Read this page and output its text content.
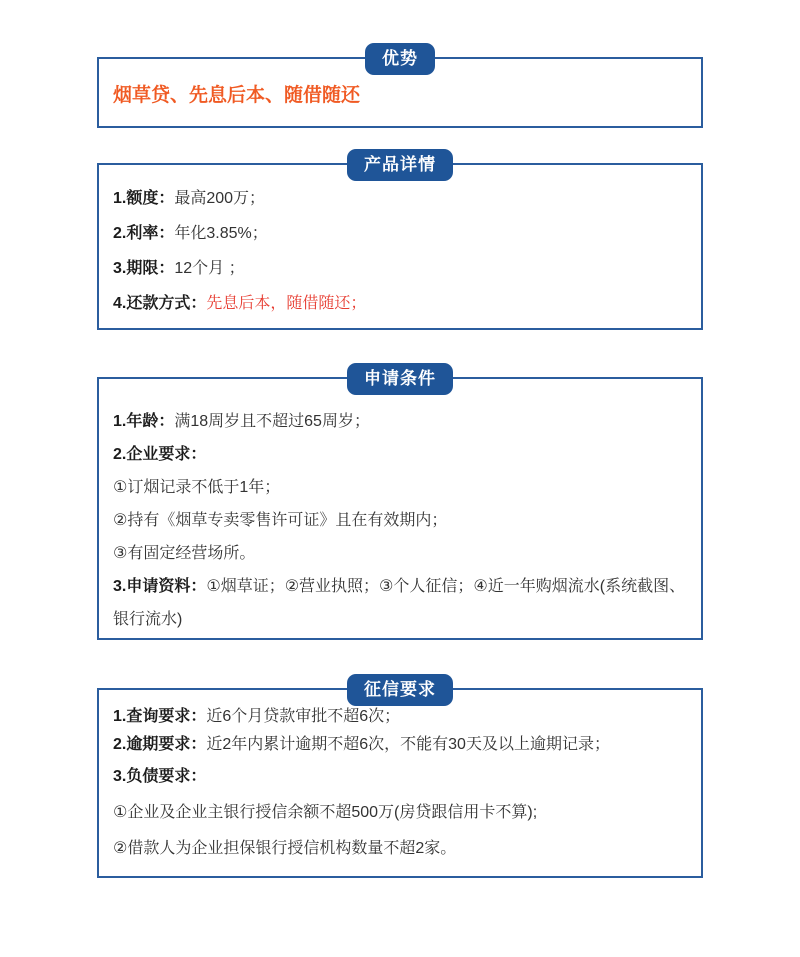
优势

烟草贷、先息后本、随借随还

产品详情

1.额度：最高200万；

2.利率：年化3.85%；

3.期限：12个月 ；

4.还款方式：先息后本，随借随还；

申请条件

1.年龄：满18周岁且不超过65周岁；

2.企业要求：

①订烟记录不低于1年；

②持有《烟草专卖零售许可证》且在有效期内；

③有固定经营场所。

3.申请资料：①烟草证；②营业执照；③个人征信；④近一年购烟流水(系统截图、银行流水)

征信要求

1.查询要求：近6个月贷款审批不超6次；

2.逾期要求：近2年内累计逾期不超6次，不能有30天及以上逾期记录；

3.负债要求：

①企业及企业主银行授信余额不超500万(房贷跟信用卡不算);

②借款人为企业担保银行授信机构数量不超2家。
